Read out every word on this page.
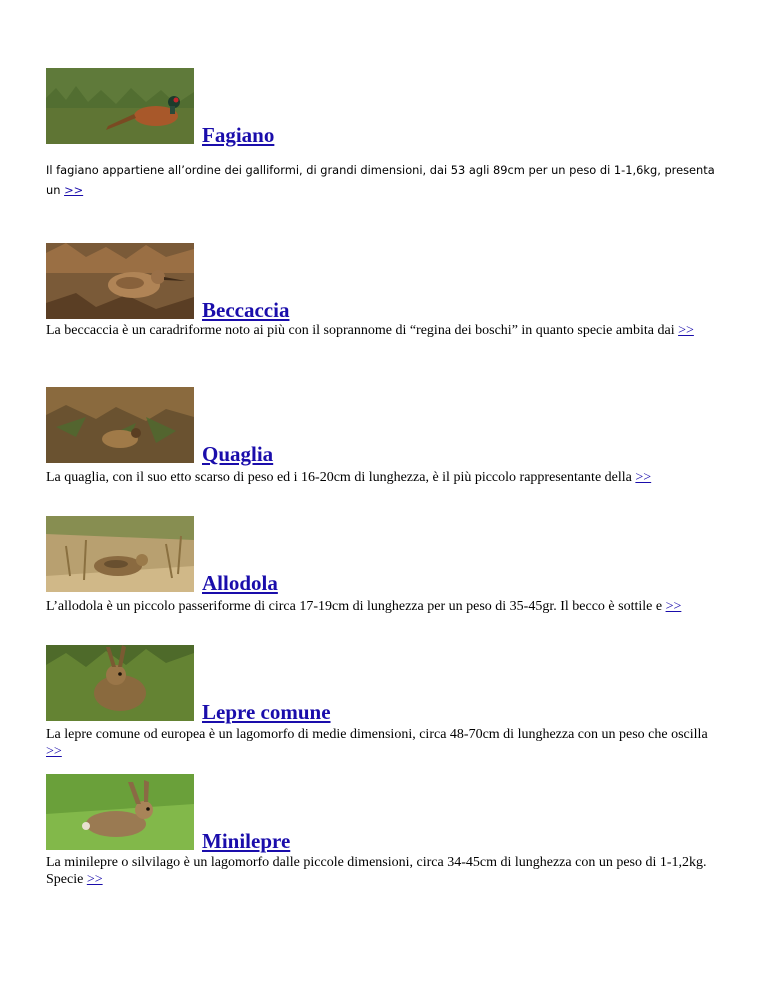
Fagiano
Il fagiano appartiene all’ordine dei galliformi, di grandi dimensioni, dai 53 agli 89cm per un peso di 1-1,6kg, presenta un >>
Beccaccia
La beccaccia è un caradriforme noto ai più con il soprannome di “regina dei boschi” in quanto specie ambita dai >>
Quaglia
La quaglia, con il suo etto scarso di peso ed i 16-20cm di lunghezza, è il più piccolo rappresentante della >>
Allodola
L’allodola è un piccolo passeriforme di circa 17-19cm di lunghezza per un peso di 35-45gr. Il becco è sottile e >>
Lepre comune
La lepre comune od europea è un lagomorfo di medie dimensioni, circa 48-70cm di lunghezza con un peso che oscilla >>
Minilepre
La minilepre o silvilago è un lagomorfo dalle piccole dimensioni, circa 34-45cm di lunghezza con un peso di 1-1,2kg. Specie >>
